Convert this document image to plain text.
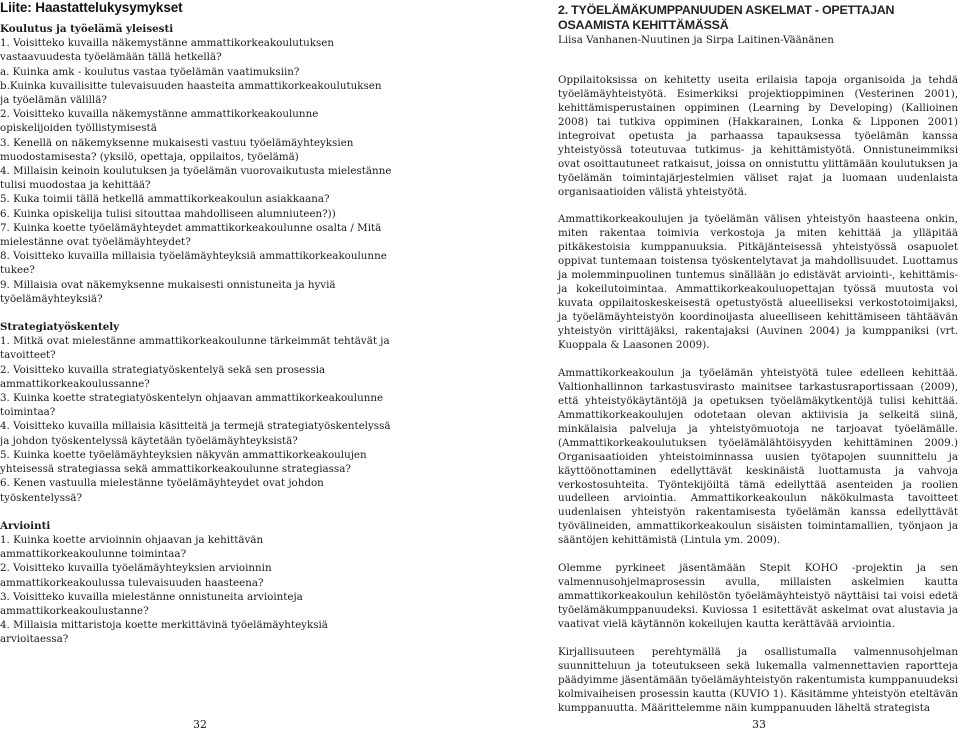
Liite: Haastattelukysymykset

Koulutus ja työelämä yleisesti

1. Voisitteko kuvailla näkemystänne ammattikorkeakoulutuksen vastaavuudesta työelämään tällä hetkellä?

a. Kuinka amk - koulutus vastaa työelämän vaatimuksiin?

b.Kuinka kuvailisitte tulevaisuuden haasteita ammattikorkeakoulutuksen ja työelämän välillä?

2. Voisitteko kuvailla näkemystänne ammattikorkeakoulunne opiskelijoiden työllistymisestä

3. Kenellä on näkemyksenne mukaisesti vastuu työelämäyhteyksien muodostamisesta? (yksilö, opettaja, oppilaitos, työelämä)

4. Millaisin keinoin koulutuksen ja työelämän vuorovaikutusta mielestänne tulisi muodostaa ja kehittää?

5. Kuka toimii tällä hetkellä ammattikorkeakoulun asiakkaana?

6. Kuinka opiskelija tulisi sitouttaa mahdolliseen alumniuteen?))

7. Kuinka koette työelämäyhteydet ammattikorkeakoulunne osalta / Mitä mielestänne ovat työelämäyhteydet?

8. Voisitteko kuvailla millaisia työelämäyhteyksiä ammattikorkeakoulunne tukee?

9. Millaisia ovat näkemyksenne mukaisesti onnistuneita ja hyviä työelämäyhteyksiä?

Strategiatyöskentely

1. Mitkä ovat mielestänne ammattikorkeakoulunne tärkeimmät tehtävät ja tavoitteet?

2. Voisitteko kuvailla strategiatyöskentelyä sekä sen prosessia ammattikorkeakoulussanne?

3. Kuinka koette strategiatyöskentelyn ohjaavan ammattikorkeakoulunne toimintaa?

4. Voisitteko kuvailla millaisia käsitteitä ja termejä strategiatyöskentelyssä ja johdon työskentelyssä käytetään työelämäyhteyksistä?

5. Kuinka koette työelämäyhteyksien näkyvän ammattikorkeakoulujen yhteisessä strategiassa sekä ammattikorkeakoulunne strategiassa?

6. Kenen vastuulla mielestänne työelämäyhteydet ovat johdon työskentelyssä?

Arviointi

1. Kuinka koette arvioinnin ohjaavan ja kehittävän ammattikorkeakoulunne toimintaa?

2. Voisitteko kuvailla työelämäyhteyksien arvioinnin ammattikorkeakoulussa tulevaisuuden haasteena?

3. Voisitteko kuvailla mielestänne onnistuneita arviointeja ammattikorkeakoulustanne?

4. Millaisia mittaristoja koette merkittävinä työelämäyhteyksiä arvioitaessa?

32
2. TYÖELÄMÄKUMPPANUUDEN ASKELMAT - OPETTAJAN OSAAMISTA KEHITTÄMÄSSÄ
Liisa Vanhanen-Nuutinen ja Sirpa Laitinen-Väänänen

Oppilaitoksissa on kehitetty useita erilaisia tapoja organisoida ja tehdä työelämäyhteistyötä. Esimerkiksi projektioppiminen (Vesterinen 2001), kehittämisperustainen oppiminen (Learning by Developing) (Kallioinen 2008) tai tutkiva oppiminen (Hakkarainen, Lonka & Lipponen 2001) integroivat opetusta ja parhaassa tapauksessa työelämän kanssa yhteistyössä toteutuvaa tutkimus- ja kehittämistyötä. Onnistuneimmiksi ovat osoittautuneet ratkaisut, joissa on onnistuttu ylittämään koulutuksen ja työelämän toimintajärjestelmien väliset rajat ja luomaan uudenlaista organisaatioiden välistä yhteistyötä.

Ammattikorkeakoulujen ja työelämän välisen yhteistyön haasteena onkin, miten rakentaa toimivia verkostoja ja miten kehittää ja ylläpitää pitkäkestoisia kumppanuuksia. Pitkäjänteisessä yhteistyössä osapuolet oppivat tuntemaan toistensa työskentelytavat ja mahdollisuudet. Luottamus ja molemminpuolinen tuntemus sinällään jo edistävät arviointi-, kehittämis- ja kokeilutoimintaa. Ammattikorkeakouluopettajan työssä muutosta voi kuvata oppilaitoskeskeisestä opetustyöstä alueelliseksi verkostotoimijaksi, ja työelämäyhteistyön koordinoijasta alueelliseen kehittämiseen tähtäävän yhteistyön virittäjäksi, rakentajaksi (Auvinen 2004) ja kumppaniksi (vrt. Kuoppala & Laasonen 2009).

Ammattikorkeakoulun ja työelämän yhteistyötä tulee edelleen kehittää. Valtionhallinnon tarkastusvirasto mainitsee tarkastusraportissaan (2009), että yhteistyökäytäntöjä ja opetuksen työelämäkytkentöjä tulisi kehittää. Ammattikorkeakoulujen odotetaan olevan aktiivisia ja selkeitä siinä, minkälaisia palveluja ja yhteistyömuotoja ne tarjoavat työelämälle. (Ammattikorkeakoulutuksen työelämälähtöisyyden kehittäminen 2009.) Organisaatioiden yhteistoiminnassa uusien työtapojen suunnittelu ja käyttöönottaminen edellyttävät keskinäistä luottamusta ja vahvoja verkostosuhteita. Työntekijöiltä tämä edellyttää asenteiden ja roolien uudelleen arviointia. Ammattikorkeakoulun näkökulmasta tavoitteet uudenlaisen yhteistyön rakentamisesta työelämän kanssa edellyttävät työvälineiden, ammattikorkeakoulun sisäisten toimintamallien, työnjaon ja sääntöjen kehittämistä (Lintula ym. 2009).

Olemme pyrkineet jäsentämään Stepit KOHO -projektin ja sen valmennusohjelmaprosessin avulla, millaisten askelmien kautta ammattikorkeakoulun kehilöstön työelämäyhteistyö näyttäisi tai voisi edetä työelämäkumppanuudeksi. Kuviossa 1 esitettävät askelmat ovat alustavia ja vaativat vielä käytännön kokeilujen kautta kerättävää arviointia.

Kirjallisuuteen perehtymällä ja osallistumalla valmennusohjelman suunnitteluun ja toteutukseen sekä lukemalla valmennettavien raportteja päädyimme jäsentämään työelämäyhteistyön rakentumista kumppanuudeksi kolmivaiheisen prosessin kautta (KUVIO 1). Käsitämme yhteistyön eteltävän kumppanuutta. Määrittelemme näin kumppanuuden läheltä strategista

33
